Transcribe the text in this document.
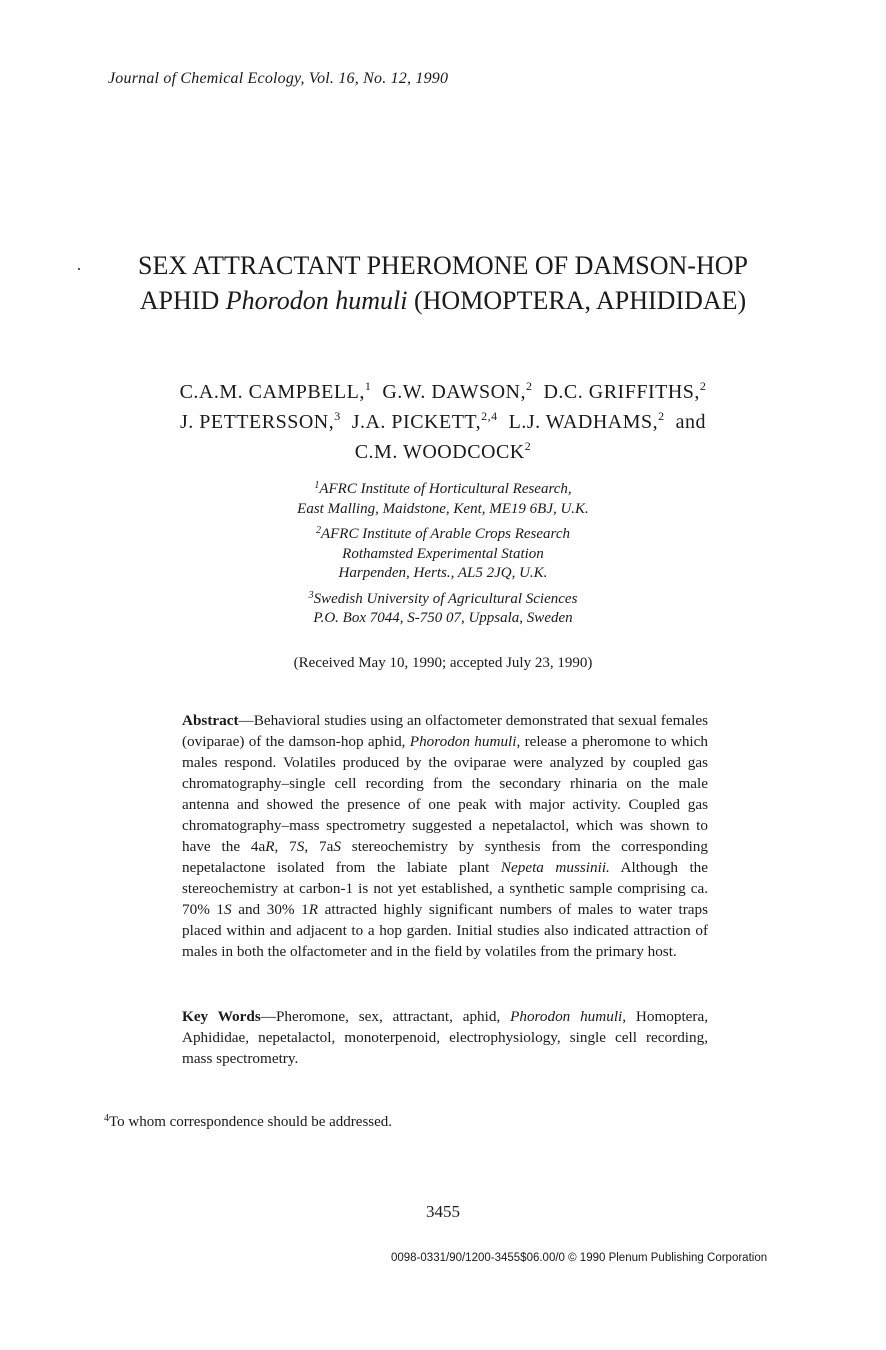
Journal of Chemical Ecology, Vol. 16, No. 12, 1990
SEX ATTRACTANT PHEROMONE OF DAMSON-HOP
APHID Phorodon humuli (HOMOPTERA, APHIDIDAE)
C.A.M. CAMPBELL,$^1$ G.W. DAWSON,$^2$ D.C. GRIFFITHS,$^2$
J. PETTERSSON,$^3$ J.A. PICKETT,$^{2,4}$ L.J. WADHAMS,$^2$ and
C.M. WOODCOCK$^2$
$^1$AFRC Institute of Horticultural Research,
East Malling, Maidstone, Kent, ME19 6BJ, U.K.
$^2$AFRC Institute of Arable Crops Research
Rothamsted Experimental Station
Harpenden, Herts., AL5 2JQ, U.K.
$^3$Swedish University of Agricultural Sciences
P.O. Box 7044, S-750 07, Uppsala, Sweden
(Received May 10, 1990; accepted July 23, 1990)
Abstract—Behavioral studies using an olfactometer demonstrated that sexual females (oviparae) of the damson-hop aphid, Phorodon humuli, release a pheromone to which males respond. Volatiles produced by the oviparae were analyzed by coupled gas chromatography–single cell recording from the secondary rhinaria on the male antenna and showed the presence of one peak with major activity. Coupled gas chromatography–mass spectrometry suggested a nepetalactol, which was shown to have the 4aR, 7S, 7aS stereochemistry by synthesis from the corresponding nepetalactone isolated from the labiate plant Nepeta mussinii. Although the stereochemistry at carbon-1 is not yet established, a synthetic sample comprising ca. 70% 1S and 30% 1R attracted highly significant numbers of males to water traps placed within and adjacent to a hop garden. Initial studies also indicated attraction of males in both the olfactometer and in the field by volatiles from the primary host.
Key Words—Pheromone, sex, attractant, aphid, Phorodon humuli, Homoptera, Aphididae, nepetalactol, monoterpenoid, electrophysiology, single cell recording, mass spectrometry.
$^4$To whom correspondence should be addressed.
3455
0098-0331/90/1200-3455$06.00/0 © 1990 Plenum Publishing Corporation
